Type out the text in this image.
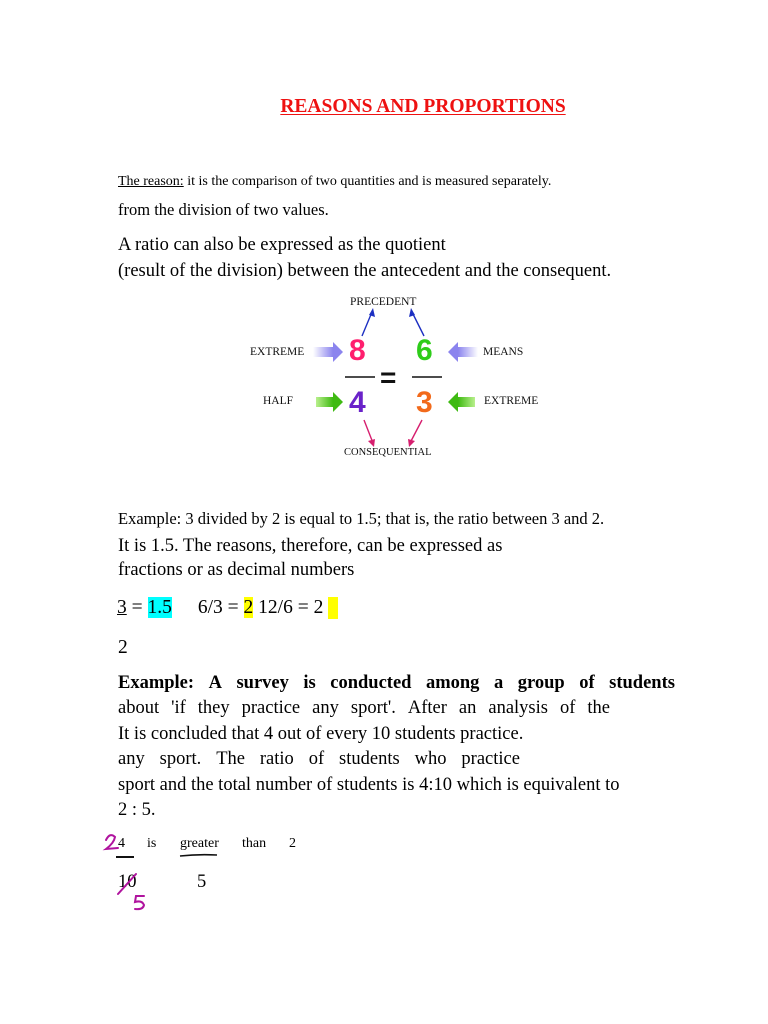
REASONS AND PROPORTIONS
The reason: it is the comparison of two quantities and is measured separately.
from the division of two values.
A ratio can also be expressed as the quotient
(result of the division) between the antecedent and the consequent.
PRECEDENT
EXTREME	MEANS
HALF	EXTREME
CONSEQUENTIAL
8 6
4 3
=
Example: 3 divided by 2 is equal to 1.5; that is, the ratio between 3 and 2.
It is 1.5. The reasons, therefore, can be expressed as
fractions or as decimal numbers
3 = 1.5 6/3 = 2 12/6 = 2
2
Example: A survey is conducted among a group of students
about 'if they practice any sport'. After an analysis of the
It is concluded that 4 out of every 10 students practice.
any sport. The ratio of students who practice
sport and the total number of students is 4:10 which is equivalent to
2 : 5.
4 is greater than 2
10	5
